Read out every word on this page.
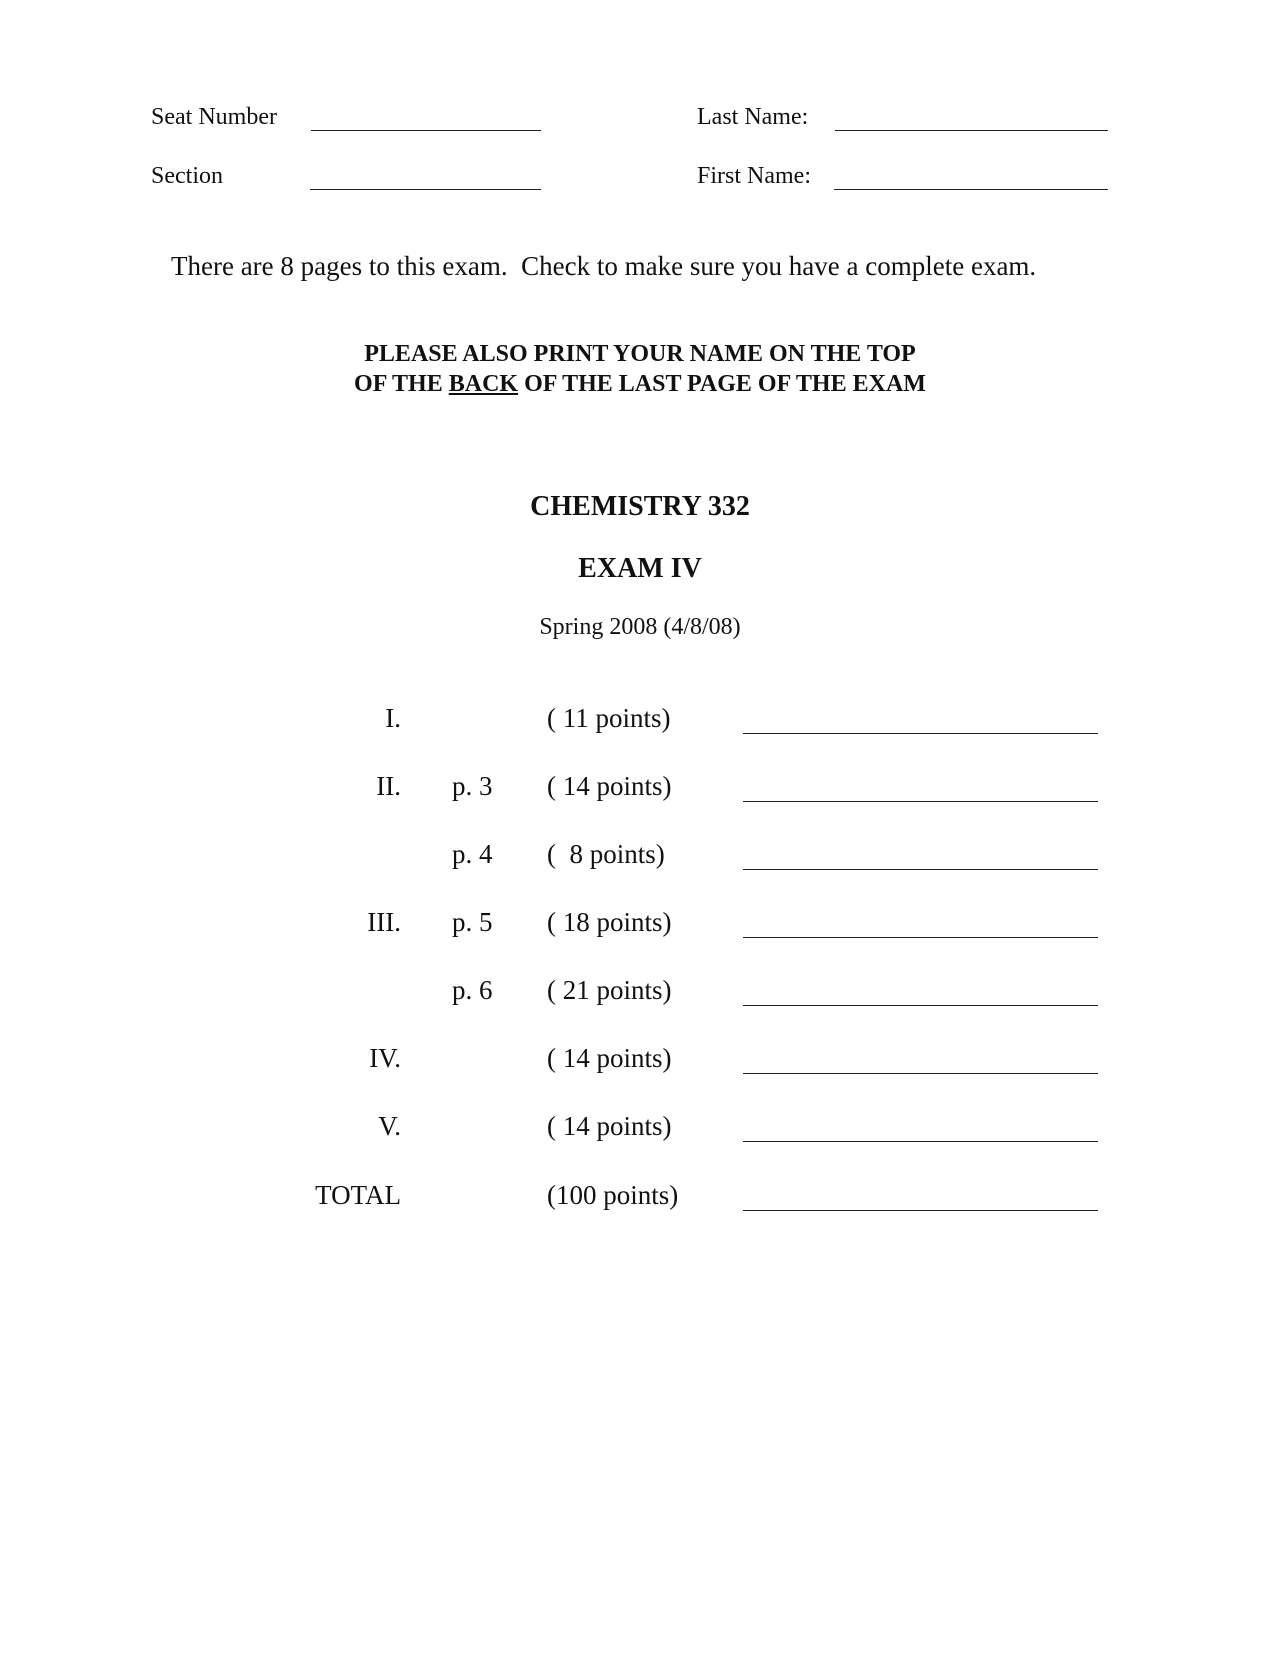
Seat Number	Last Name:
Section	First Name:
There are 8 pages to this exam.  Check to make sure you have a complete exam.
PLEASE ALSO PRINT YOUR NAME ON THE TOP
OF THE BACK OF THE LAST PAGE OF THE EXAM
CHEMISTRY 332
EXAM IV
Spring 2008 (4/8/08)
I.	( 11 points)
II. p. 3 ( 14 points)
p. 4 (  8 points)
III. p. 5 ( 18 points)
p. 6 ( 21 points)
IV.	( 14 points)
V.	( 14 points)
TOTAL	(100 points)
